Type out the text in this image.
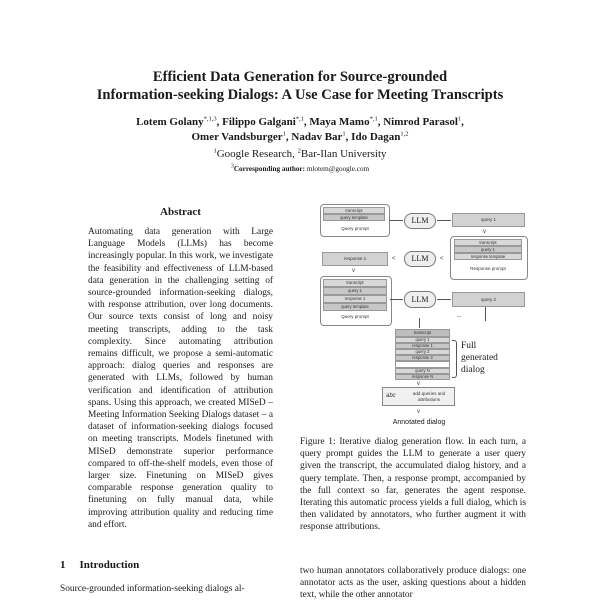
Efficient Data Generation for Source-grounded
Information-seeking Dialogs: A Use Case for Meeting Transcripts
Lotem Golany$^{*,1,3}$, Filippo Galgani$^{*,1}$, Maya Mamo$^{*,1}$, Nimrod Parasol$^1$,
Omer Vandsburger$^1$, Nadav Bar$^1$, Ido Dagan$^{1,2}$
$^1$Google Research, $^2$Bar-Ilan University
$^3$Corresponding author: mlotem@google.com
Abstract
Automating data generation with Large Language Models (LLMs) has become increasingly popular. In this work, we investigate the feasibility and effectiveness of LLM-based data generation in the challenging setting of source-grounded information-seeking dialogs, with response attribution, over long documents. Our source texts consist of long and noisy meeting transcripts, adding to the task complexity. Since automating attribution remains difficult, we propose a semi-automatic approach: dialog queries and responses are generated with LLMs, followed by human verification and identification of attribution spans. Using this approach, we created MISeD – Meeting Information Seeking Dialogs dataset – a dataset of information-seeking dialogs focused on meeting transcripts. Models finetuned with MISeD demonstrate superior performance compared to off-the-shelf models, even those of larger size. Finetuning on MISeD gives comparable response generation quality to finetuning on fully manual data, while improving attribution quality and reducing time and effort.
transcript
query template
Query prompt
LLM	query 1
v
transcript
query 1
response template
Response prompt
<
LLM
<
response 1
v
transcript
query 1
response 1
query template
Query prompt
LLM	query 2
...
transcript
query 1
response 1
query 2
response 2
query N
response N
Full
generated
dialog
v
abc	add queries and attributions
v
Annotated dialog
Figure 1: Iterative dialog generation flow. In each turn, a query prompt guides the LLM to generate a user query given the transcript, the accumulated dialog history, and a query template. Then, a response prompt, accompanied by the full context so far, generates the agent response. Iterating this automatic process yields a full dialog, which is then validated by annotators, who further augment it with response attributions.
1 Introduction
Source-grounded information-seeking dialogs al-
two human annotators collaboratively produce dialogs: one annotator acts as the user, asking questions about a hidden text, while the other annotator
